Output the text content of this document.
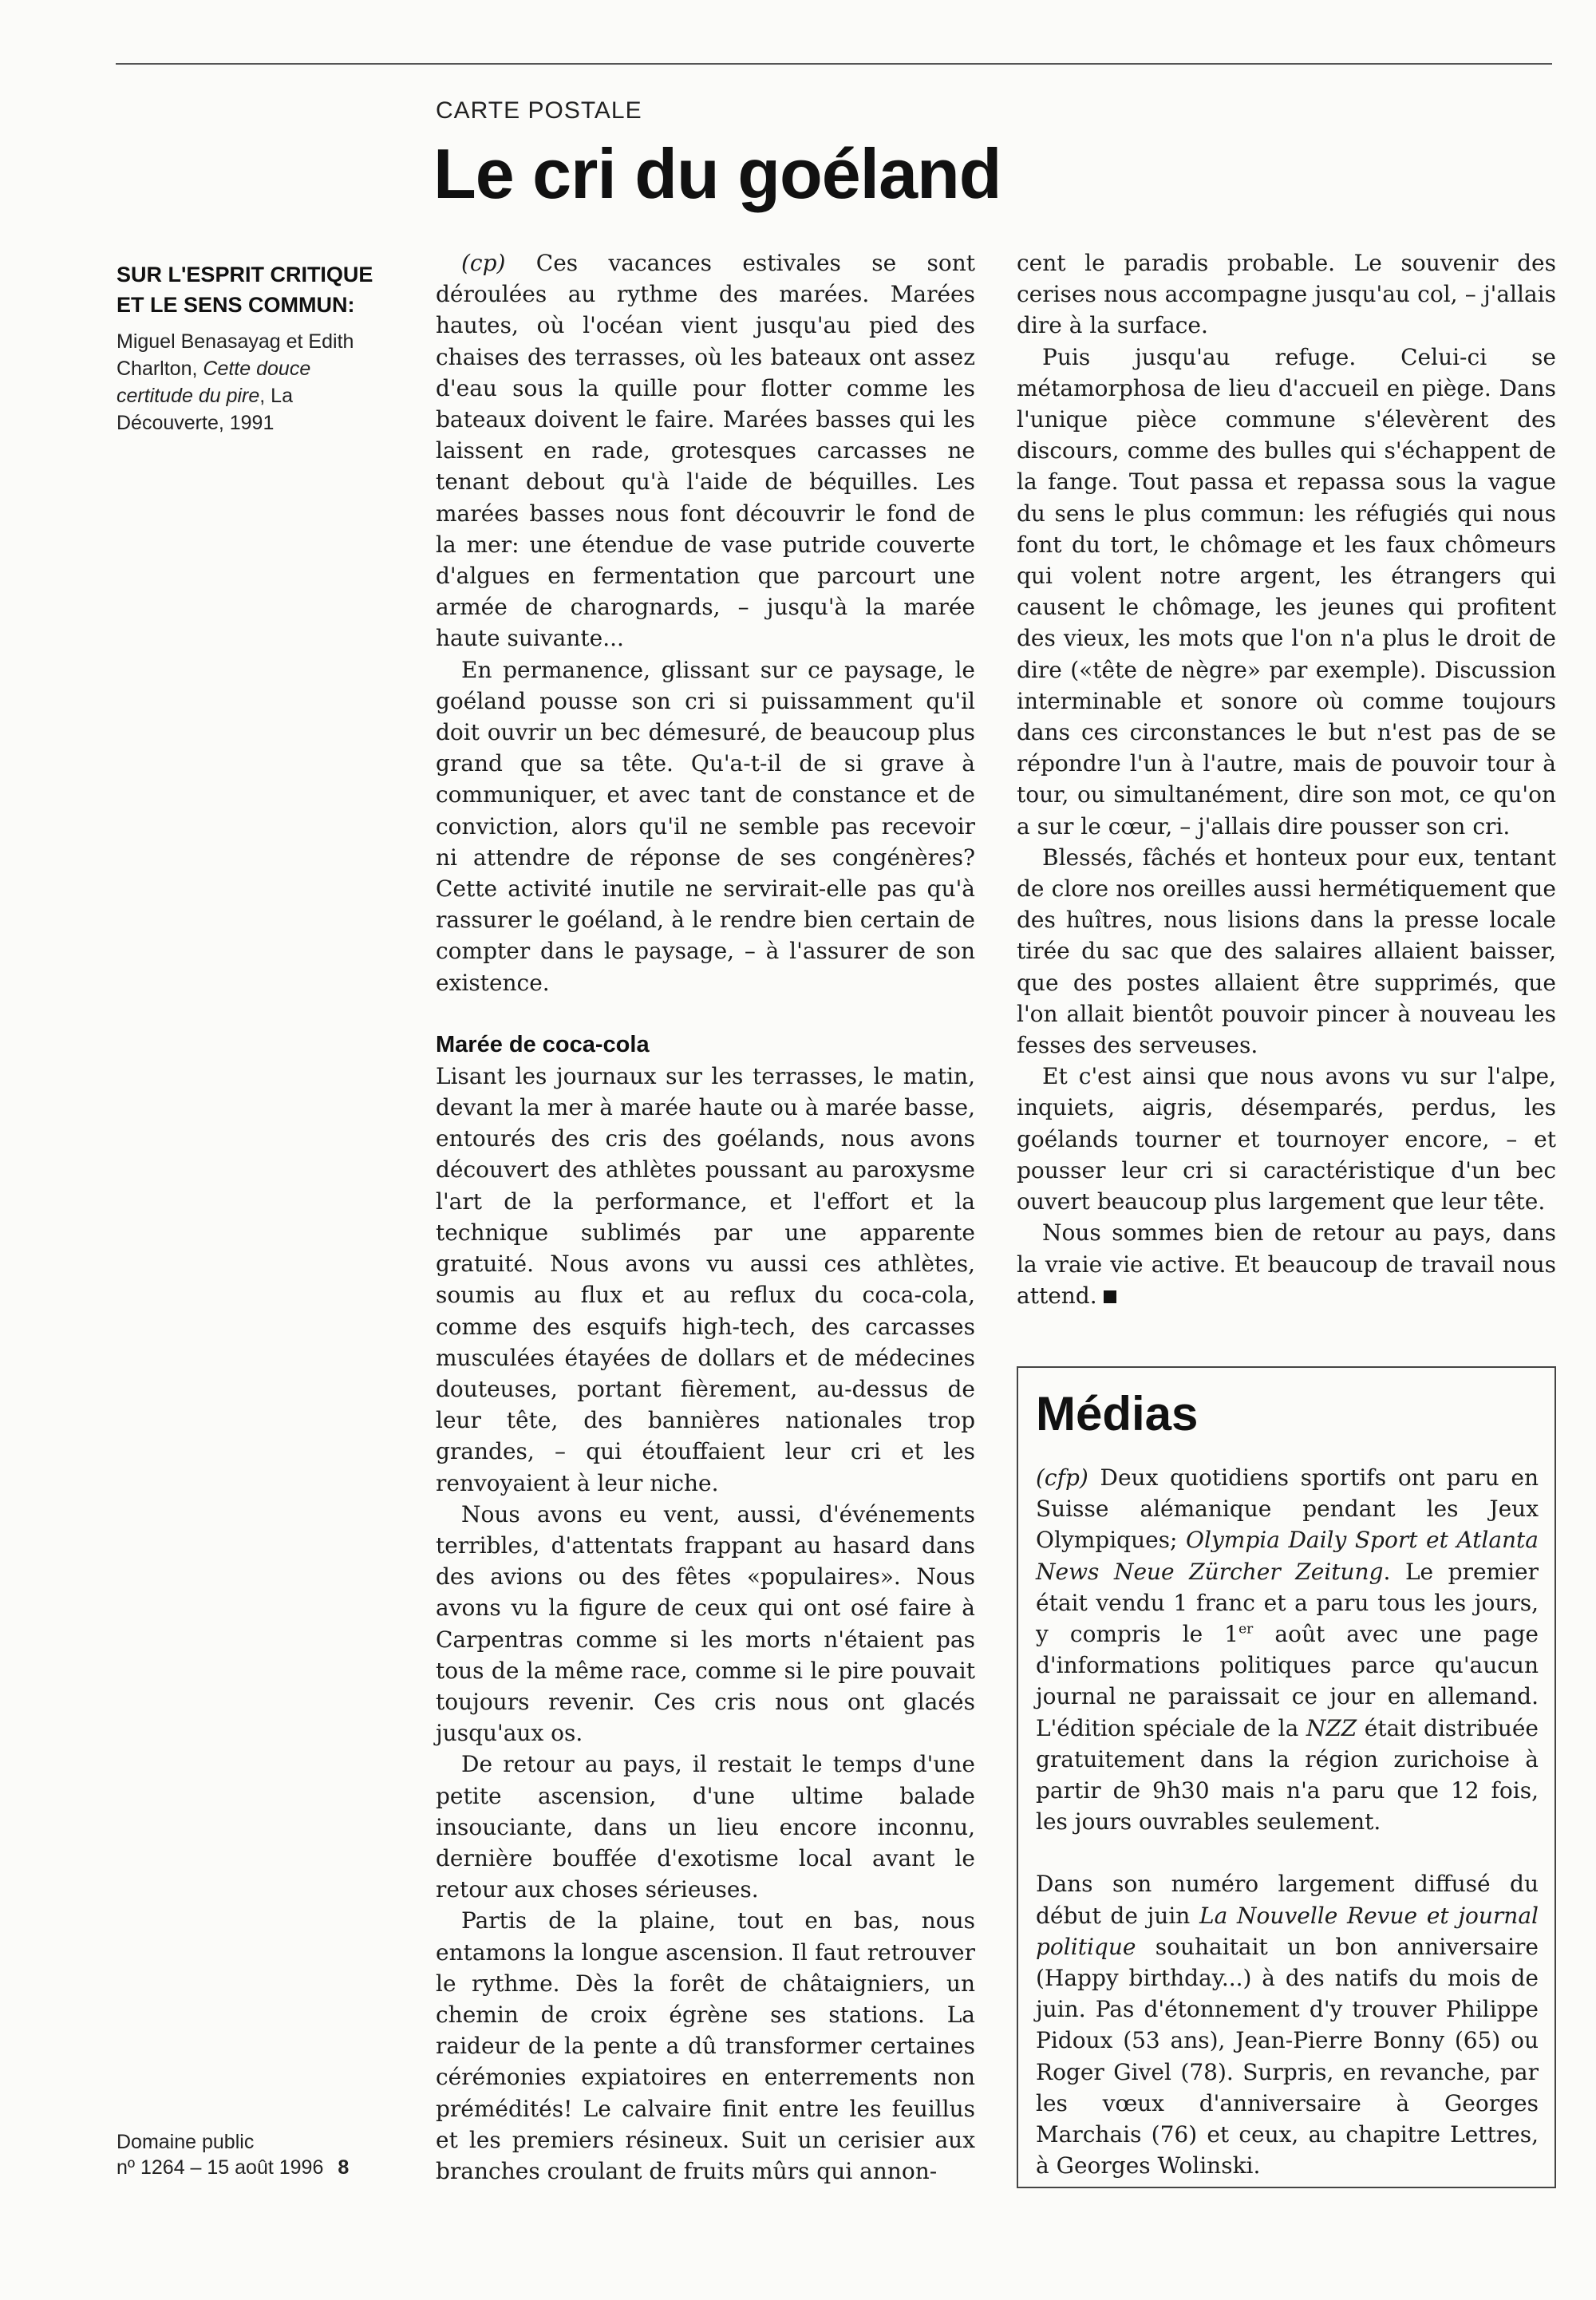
CARTE POSTALE
Le cri du goéland
SUR L'ESPRIT CRITIQUE ET LE SENS COMMUN:
Miguel Benasayag et Edith Charlton, Cette douce certitude du pire, La Découverte, 1991
Domaine public
nº 1264 – 15 août 1996 8

(cp) Ces vacances estivales se sont déroulées au rythme des marées. Marées hautes, où l'océan vient jusqu'au pied des chaises des terrasses, où les bateaux ont assez d'eau sous la quille pour flotter comme les bateaux doivent le faire. Marées basses qui les laissent en rade, grotesques carcasses ne tenant debout qu'à l'aide de béquilles. Les marées basses nous font découvrir le fond de la mer: une étendue de vase putride couverte d'algues en fermentation que parcourt une armée de charognards, – jusqu'à la marée haute suivante...

En permanence, glissant sur ce paysage, le goéland pousse son cri si puissamment qu'il doit ouvrir un bec démesuré, de beaucoup plus grand que sa tête. Qu'a-t-il de si grave à communiquer, et avec tant de constance et de conviction, alors qu'il ne semble pas recevoir ni attendre de réponse de ses congénères? Cette activité inutile ne servirait-elle pas qu'à rassurer le goéland, à le rendre bien certain de compter dans le paysage, – à l'assurer de son existence.

Marée de coca-cola

Lisant les journaux sur les terrasses, le matin, devant la mer à marée haute ou à marée basse, entourés des cris des goélands, nous avons découvert des athlètes poussant au paroxysme l'art de la performance, et l'effort et la technique sublimés par une apparente gratuité. Nous avons vu aussi ces athlètes, soumis au flux et au reflux du coca-cola, comme des esquifs high-tech, des carcasses musculées étayées de dollars et de médecines douteuses, portant fièrement, au-dessus de leur tête, des bannières nationales trop grandes, – qui étouffaient leur cri et les renvoyaient à leur niche.

Nous avons eu vent, aussi, d'événements terribles, d'attentats frappant au hasard dans des avions ou des fêtes «populaires». Nous avons vu la figure de ceux qui ont osé faire à Carpentras comme si les morts n'étaient pas tous de la même race, comme si le pire pouvait toujours revenir. Ces cris nous ont glacés jusqu'aux os.

De retour au pays, il restait le temps d'une petite ascension, d'une ultime balade insouciante, dans un lieu encore inconnu, dernière bouffée d'exotisme local avant le retour aux choses sérieuses.

Partis de la plaine, tout en bas, nous entamons la longue ascension. Il faut retrouver le rythme. Dès la forêt de châtaigniers, un chemin de croix égrène ses stations. La raideur de la pente a dû transformer certaines cérémonies expiatoires en enterrements non prémédités! Le calvaire finit entre les feuillus et les premiers résineux. Suit un cerisier aux branches croulant de fruits mûrs qui annon-

cent le paradis probable. Le souvenir des cerises nous accompagne jusqu'au col, – j'allais dire à la surface.

Puis jusqu'au refuge. Celui-ci se métamorphosa de lieu d'accueil en piège. Dans l'unique pièce commune s'élevèrent des discours, comme des bulles qui s'échappent de la fange. Tout passa et repassa sous la vague du sens le plus commun: les réfugiés qui nous font du tort, le chômage et les faux chômeurs qui volent notre argent, les étrangers qui causent le chômage, les jeunes qui profitent des vieux, les mots que l'on n'a plus le droit de dire («tête de nègre» par exemple). Discussion interminable et sonore où comme toujours dans ces circonstances le but n'est pas de se répondre l'un à l'autre, mais de pouvoir tour à tour, ou simultanément, dire son mot, ce qu'on a sur le cœur, – j'allais dire pousser son cri.

Blessés, fâchés et honteux pour eux, tentant de clore nos oreilles aussi hermétiquement que des huîtres, nous lisions dans la presse locale tirée du sac que des salaires allaient baisser, que des postes allaient être supprimés, que l'on allait bientôt pouvoir pincer à nouveau les fesses des serveuses.

Et c'est ainsi que nous avons vu sur l'alpe, inquiets, aigris, désemparés, perdus, les goélands tourner et tournoyer encore, – et pousser leur cri si caractéristique d'un bec ouvert beaucoup plus largement que leur tête.

Nous sommes bien de retour au pays, dans la vraie vie active. Et beaucoup de travail nous attend.

Médias

(cfp) Deux quotidiens sportifs ont paru en Suisse alémanique pendant les Jeux Olympiques; Olympia Daily Sport et Atlanta News Neue Zürcher Zeitung. Le premier était vendu 1 franc et a paru tous les jours, y compris le 1er août avec une page d'informations politiques parce qu'aucun journal ne paraissait ce jour en allemand. L'édition spéciale de la NZZ était distribuée gratuitement dans la région zurichoise à partir de 9h30 mais n'a paru que 12 fois, les jours ouvrables seulement.

Dans son numéro largement diffusé du début de juin La Nouvelle Revue et journal politique souhaitait un bon anniversaire (Happy birthday...) à des natifs du mois de juin. Pas d'étonnement d'y trouver Philippe Pidoux (53 ans), Jean-Pierre Bonny (65) ou Roger Givel (78). Surpris, en revanche, par les vœux d'anniversaire à Georges Marchais (76) et ceux, au chapitre Lettres, à Georges Wolinski.
